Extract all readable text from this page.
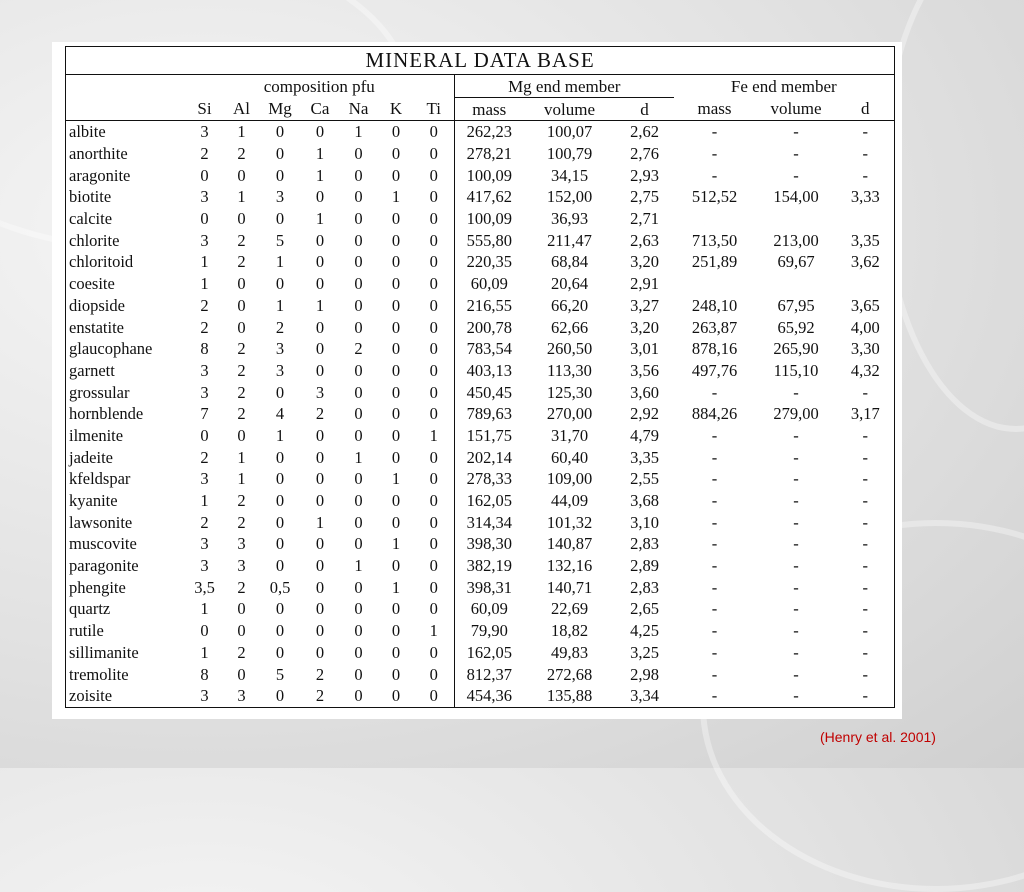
MINERAL DATA BASE													
	composition pfu							Mg end member			Fe end member		
	Si	Al	Mg	Ca	Na	K	Ti	mass	volume	d	mass	volume	d
albite	3	1	0	0	1	0	0	262,23	100,07	2,62	-	-	-
anorthite	2	2	0	1	0	0	0	278,21	100,79	2,76	-	-	-
aragonite	0	0	0	1	0	0	0	100,09	34,15	2,93	-	-	-
biotite	3	1	3	0	0	1	0	417,62	152,00	2,75	512,52	154,00	3,33
calcite	0	0	0	1	0	0	0	100,09	36,93	2,71			
chlorite	3	2	5	0	0	0	0	555,80	211,47	2,63	713,50	213,00	3,35
chloritoid	1	2	1	0	0	0	0	220,35	68,84	3,20	251,89	69,67	3,62
coesite	1	0	0	0	0	0	0	60,09	20,64	2,91			
diopside	2	0	1	1	0	0	0	216,55	66,20	3,27	248,10	67,95	3,65
enstatite	2	0	2	0	0	0	0	200,78	62,66	3,20	263,87	65,92	4,00
glaucophane	8	2	3	0	2	0	0	783,54	260,50	3,01	878,16	265,90	3,30
garnett	3	2	3	0	0	0	0	403,13	113,30	3,56	497,76	115,10	4,32
grossular	3	2	0	3	0	0	0	450,45	125,30	3,60	-	-	-
hornblende	7	2	4	2	0	0	0	789,63	270,00	2,92	884,26	279,00	3,17
ilmenite	0	0	1	0	0	0	1	151,75	31,70	4,79	-	-	-
jadeite	2	1	0	0	1	0	0	202,14	60,40	3,35	-	-	-
kfeldspar	3	1	0	0	0	1	0	278,33	109,00	2,55	-	-	-
kyanite	1	2	0	0	0	0	0	162,05	44,09	3,68	-	-	-
lawsonite	2	2	0	1	0	0	0	314,34	101,32	3,10	-	-	-
muscovite	3	3	0	0	0	1	0	398,30	140,87	2,83	-	-	-
paragonite	3	3	0	0	1	0	0	382,19	132,16	2,89	-	-	-
phengite	3,5	2	0,5	0	0	1	0	398,31	140,71	2,83	-	-	-
quartz	1	0	0	0	0	0	0	60,09	22,69	2,65	-	-	-
rutile	0	0	0	0	0	0	1	79,90	18,82	4,25	-	-	-
sillimanite	1	2	0	0	0	0	0	162,05	49,83	3,25	-	-	-
tremolite	8	0	5	2	0	0	0	812,37	272,68	2,98	-	-	-
zoisite	3	3	0	2	0	0	0	454,36	135,88	3,34	-	-	-
(Henry et al. 2001)
